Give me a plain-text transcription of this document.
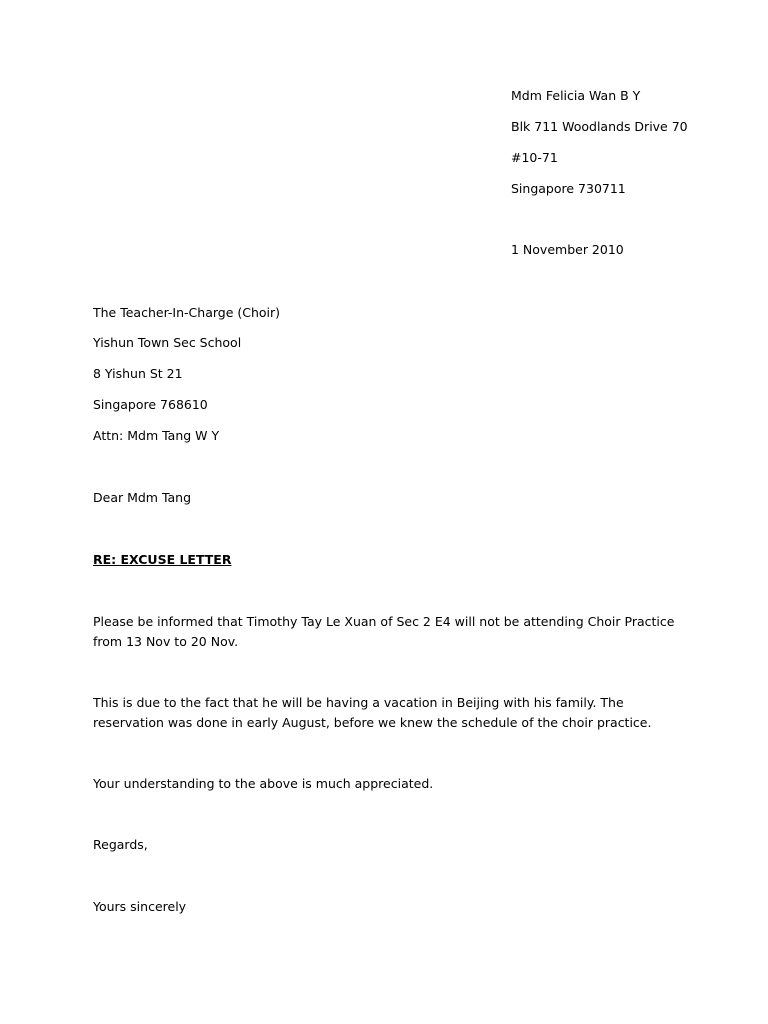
Mdm Felicia Wan B Y
Blk 711 Woodlands Drive 70
#10-71
Singapore 730711
1 November 2010
The Teacher-In-Charge (Choir)
Yishun Town Sec School
8 Yishun St 21
Singapore 768610
Attn: Mdm Tang W Y
Dear Mdm Tang
RE: EXCUSE LETTER

Please be informed that Timothy Tay Le Xuan of Sec 2 E4 will not be attending Choir Practice from 13 Nov to 20 Nov.

This is due to the fact that he will be having a vacation in Beijing with his family. The reservation was done in early August, before we knew the schedule of the choir practice.

Your understanding to the above is much appreciated.

Regards,
Yours sincerely
